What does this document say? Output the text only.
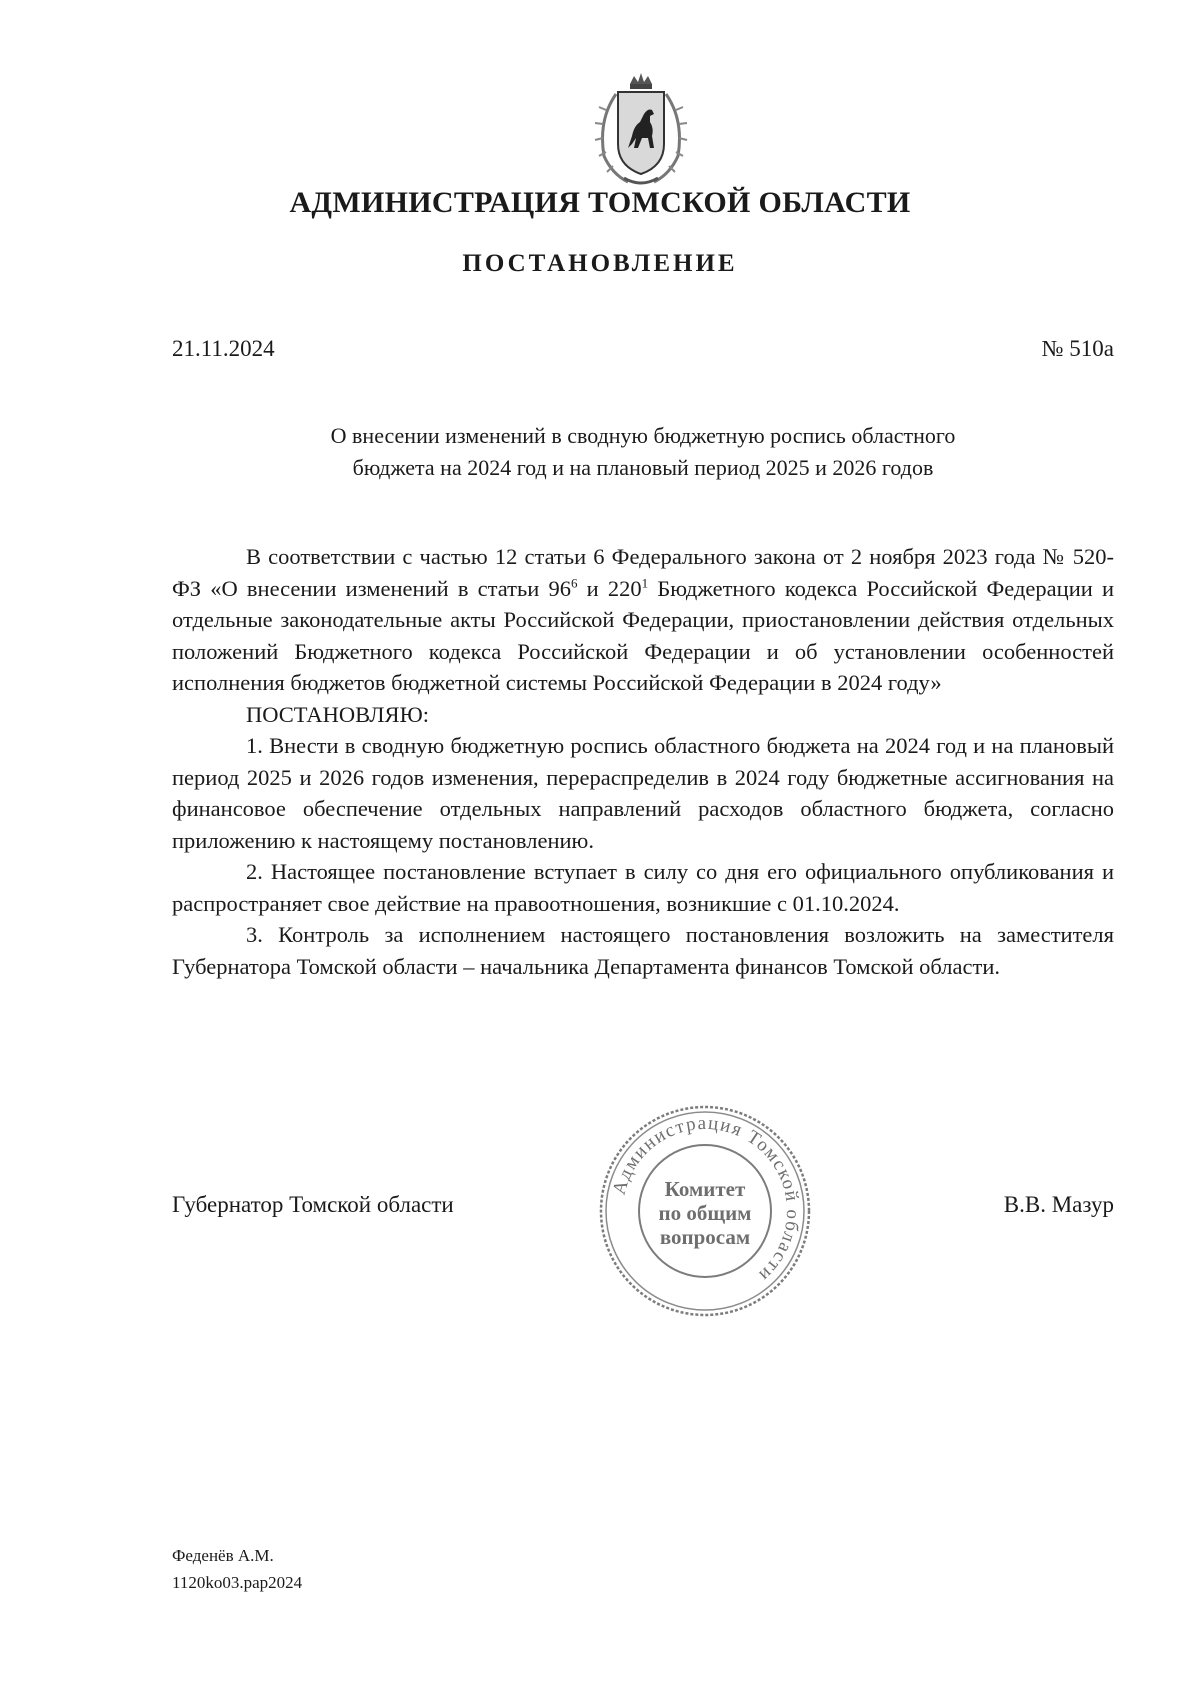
АДМИНИСТРАЦИЯ ТОМСКОЙ ОБЛАСТИ
ПОСТАНОВЛЕНИЕ
21.11.2024	№ 510а
О внесении изменений в сводную бюджетную роспись областного
бюджета на 2024 год и на плановый период 2025 и 2026 годов

В соответствии с частью 12 статьи 6 Федерального закона от 2 ноября 2023 года № 520-ФЗ «О внесении изменений в статьи $96^6$ и $220^1$ Бюджетного кодекса Российской Федерации и отдельные законодательные акты Российской Федерации, приостановлении действия отдельных положений Бюджетного кодекса Российской Федерации и об установлении особенностей исполнения бюджетов бюджетной системы Российской Федерации в 2024 году»

ПОСТАНОВЛЯЮ:

1. Внести в сводную бюджетную роспись областного бюджета на 2024 год и на плановый период 2025 и 2026 годов изменения, перераспределив в 2024 году бюджетные ассигнования на финансовое обеспечение отдельных направлений расходов областного бюджета, согласно приложению к настоящему постановлению.

2. Настоящее постановление вступает в силу со дня его официального опубликования и распространяет свое действие на правоотношения, возникшие с 01.10.2024.

3. Контроль за исполнением настоящего постановления возложить на заместителя Губернатора Томской области – начальника Департамента финансов Томской области.

Губернатор Томской области	В.В. Мазур
Администрация Томской области
Комитет
по общим
вопросам
Феденёв А.М.
1120ko03.pap2024
